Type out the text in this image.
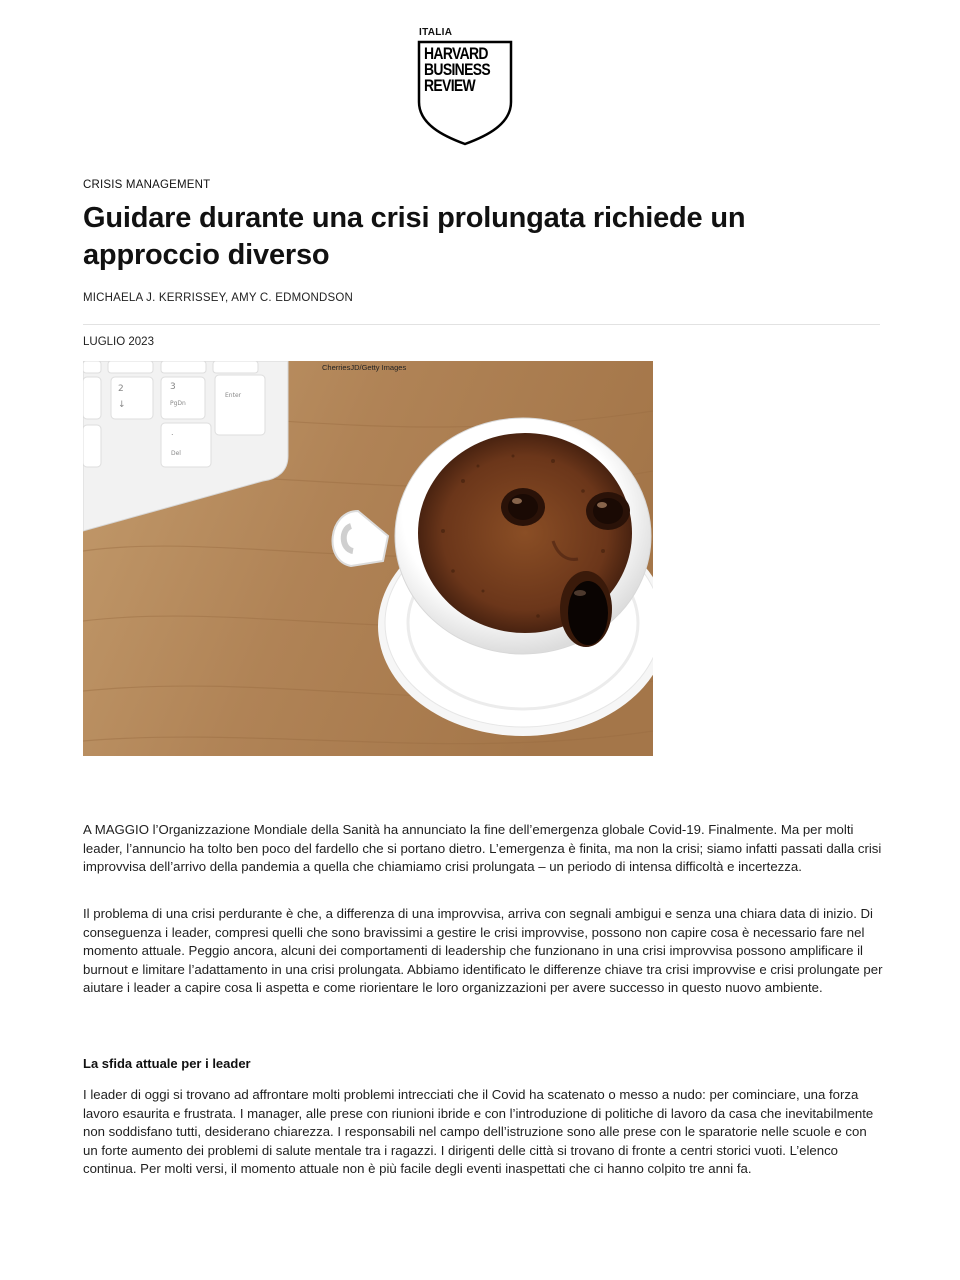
ITALIA
HARVARD
BUSINESS
REVIEW
CRISIS MANAGEMENT
Guidare durante una crisi prolungata richiede un approccio diverso
MICHAELA J. KERRISSEY, AMY C. EDMONDSON
LUGLIO 2023
2
↓
3
PgDn
Enter
.
Del
CherriesJD/Getty Images

A MAGGIO l’Organizzazione Mondiale della Sanità ha annunciato la fine dell’emergenza globale Covid-19. Finalmente. Ma per molti leader, l’annuncio ha tolto ben poco del fardello che si portano dietro. L’emergenza è finita, ma non la crisi; siamo infatti passati dalla crisi improvvisa dell’arrivo della pandemia a quella che chiamiamo crisi prolungata – un periodo di intensa difficoltà e incertezza.

Il problema di una crisi perdurante è che, a differenza di una improvvisa, arriva con segnali ambigui e senza una chiara data di inizio. Di conseguenza i leader, compresi quelli che sono bravissimi a gestire le crisi improvvise, possono non capire cosa è necessario fare nel momento attuale. Peggio ancora, alcuni dei comportamenti di leadership che funzionano in una crisi improvvisa possono amplificare il burnout e limitare l’adattamento in una crisi prolungata. Abbiamo identificato le differenze chiave tra crisi improvvise e crisi prolungate per aiutare i leader a capire cosa li aspetta e come riorientare le loro organizzazioni per avere successo in questo nuovo ambiente.

La sfida attuale per i leader

I leader di oggi si trovano ad affrontare molti problemi intrecciati che il Covid ha scatenato o messo a nudo: per cominciare, una forza lavoro esaurita e frustrata. I manager, alle prese con riunioni ibride e con l’introduzione di politiche di lavoro da casa che inevitabilmente non soddisfano tutti, desiderano chiarezza. I responsabili nel campo dell’istruzione sono alle prese con le sparatorie nelle scuole e con un forte aumento dei problemi di salute mentale tra i ragazzi. I dirigenti delle città si trovano di fronte a centri storici vuoti. L’elenco continua. Per molti versi, il momento attuale non è più facile degli eventi inaspettati che ci hanno colpito tre anni fa.
